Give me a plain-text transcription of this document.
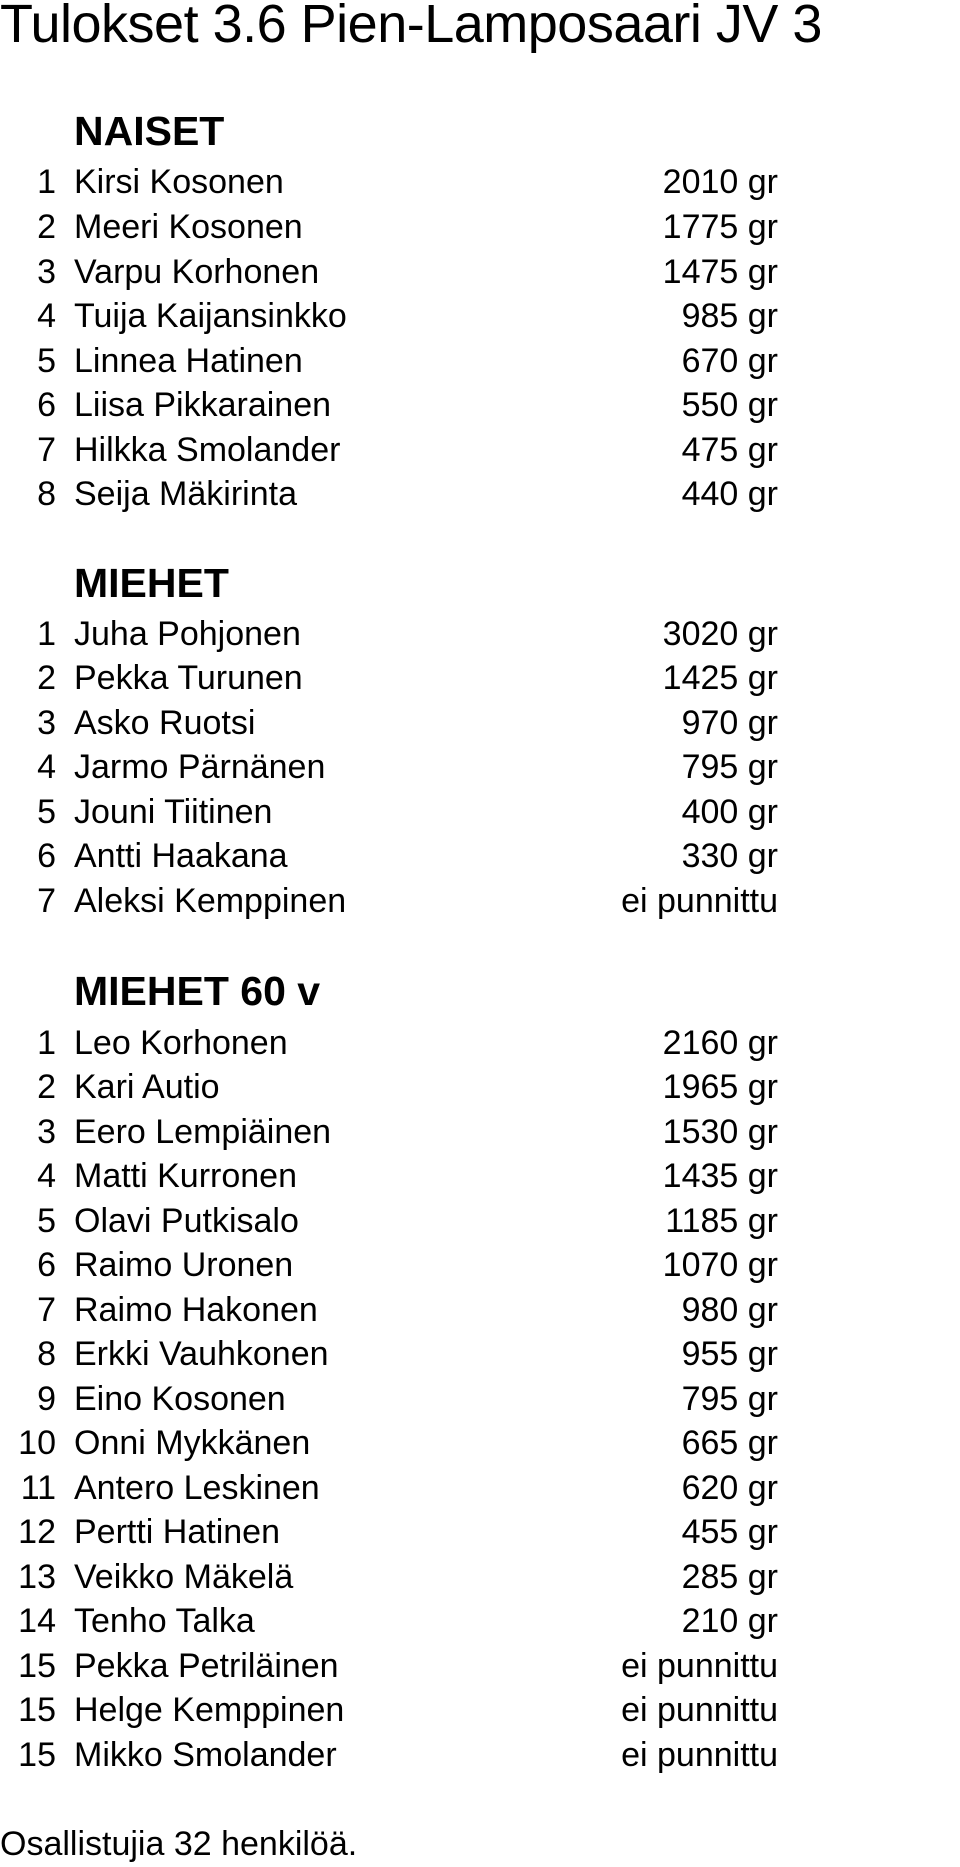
Tulokset 3.6 Pien-Lamposaari JV 3
NAISET
1 Kirsi Kosonen	2010 gr
2 Meeri Kosonen	1775 gr
3 Varpu Korhonen	1475 gr
4 Tuija Kaijansinkko	985 gr
5 Linnea Hatinen	670 gr
6 Liisa Pikkarainen	550 gr
7 Hilkka Smolander	475 gr
8 Seija Mäkirinta	440 gr
MIEHET
1 Juha Pohjonen	3020 gr
2 Pekka Turunen	1425 gr
3 Asko Ruotsi	970 gr
4 Jarmo Pärnänen	795 gr
5 Jouni Tiitinen	400 gr
6 Antti Haakana	330 gr
7 Aleksi Kemppinen	ei punnittu
MIEHET 60 v
1 Leo Korhonen	2160 gr
2 Kari Autio	1965 gr
3 Eero Lempiäinen	1530 gr
4 Matti Kurronen	1435 gr
5 Olavi Putkisalo	1185 gr
6 Raimo Uronen	1070 gr
7 Raimo Hakonen	980 gr
8 Erkki Vauhkonen	955 gr
9 Eino Kosonen	795 gr
10 Onni Mykkänen	665 gr
11 Antero Leskinen	620 gr
12 Pertti Hatinen	455 gr
13 Veikko Mäkelä	285 gr
14 Tenho Talka	210 gr
15 Pekka Petriläinen	ei punnittu
15 Helge Kemppinen	ei punnittu
15 Mikko Smolander	ei punnittu
Osallistujia 32 henkilöä.
